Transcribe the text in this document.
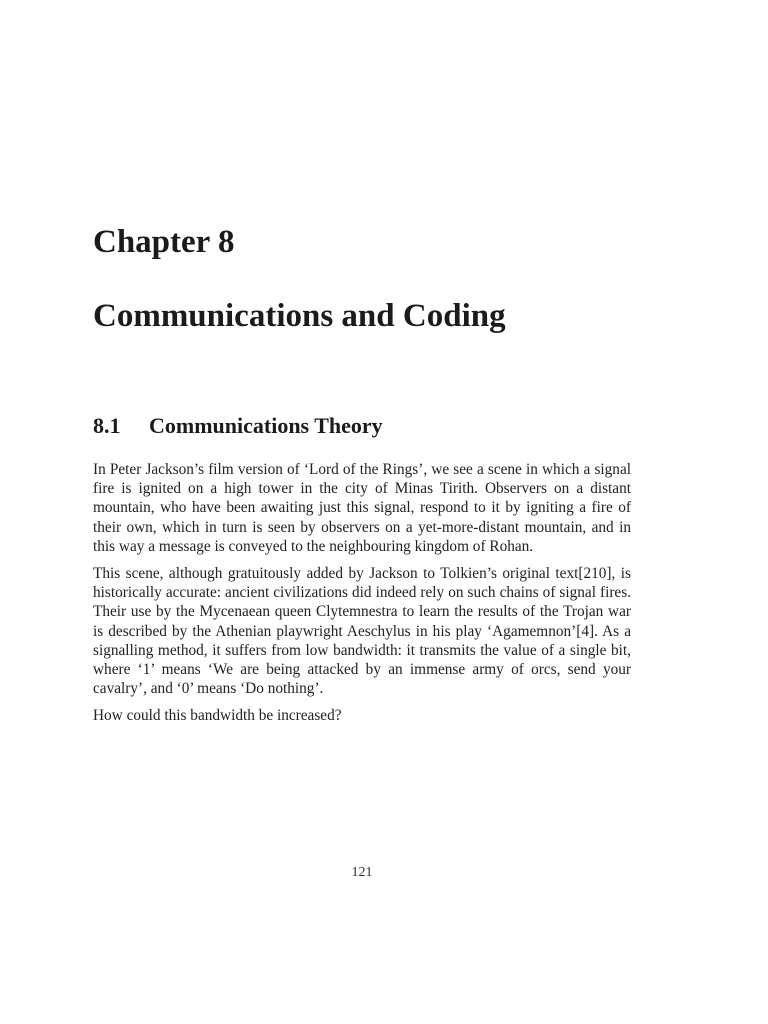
Chapter 8
Communications and Coding
8.1 Communications Theory

In Peter Jackson’s film version of ‘Lord of the Rings’, we see a scene in which a signal fire is ignited on a high tower in the city of Minas Tirith. Observers on a distant mountain, who have been awaiting just this signal, respond to it by igniting a fire of their own, which in turn is seen by observers on a yet-more-distant mountain, and in this way a message is conveyed to the neighbouring kingdom of Rohan.

This scene, although gratuitously added by Jackson to Tolkien’s original text[210], is historically accurate: ancient civilizations did indeed rely on such chains of signal fires. Their use by the Mycenaean queen Clytemnestra to learn the results of the Trojan war is described by the Athenian playwright Aeschylus in his play ‘Agamemnon’[4]. As a signalling method, it suffers from low bandwidth: it transmits the value of a single bit, where ‘1’ means ‘We are being attacked by an immense army of orcs, send your cavalry’, and ‘0’ means ‘Do nothing’.

How could this bandwidth be increased?

121
